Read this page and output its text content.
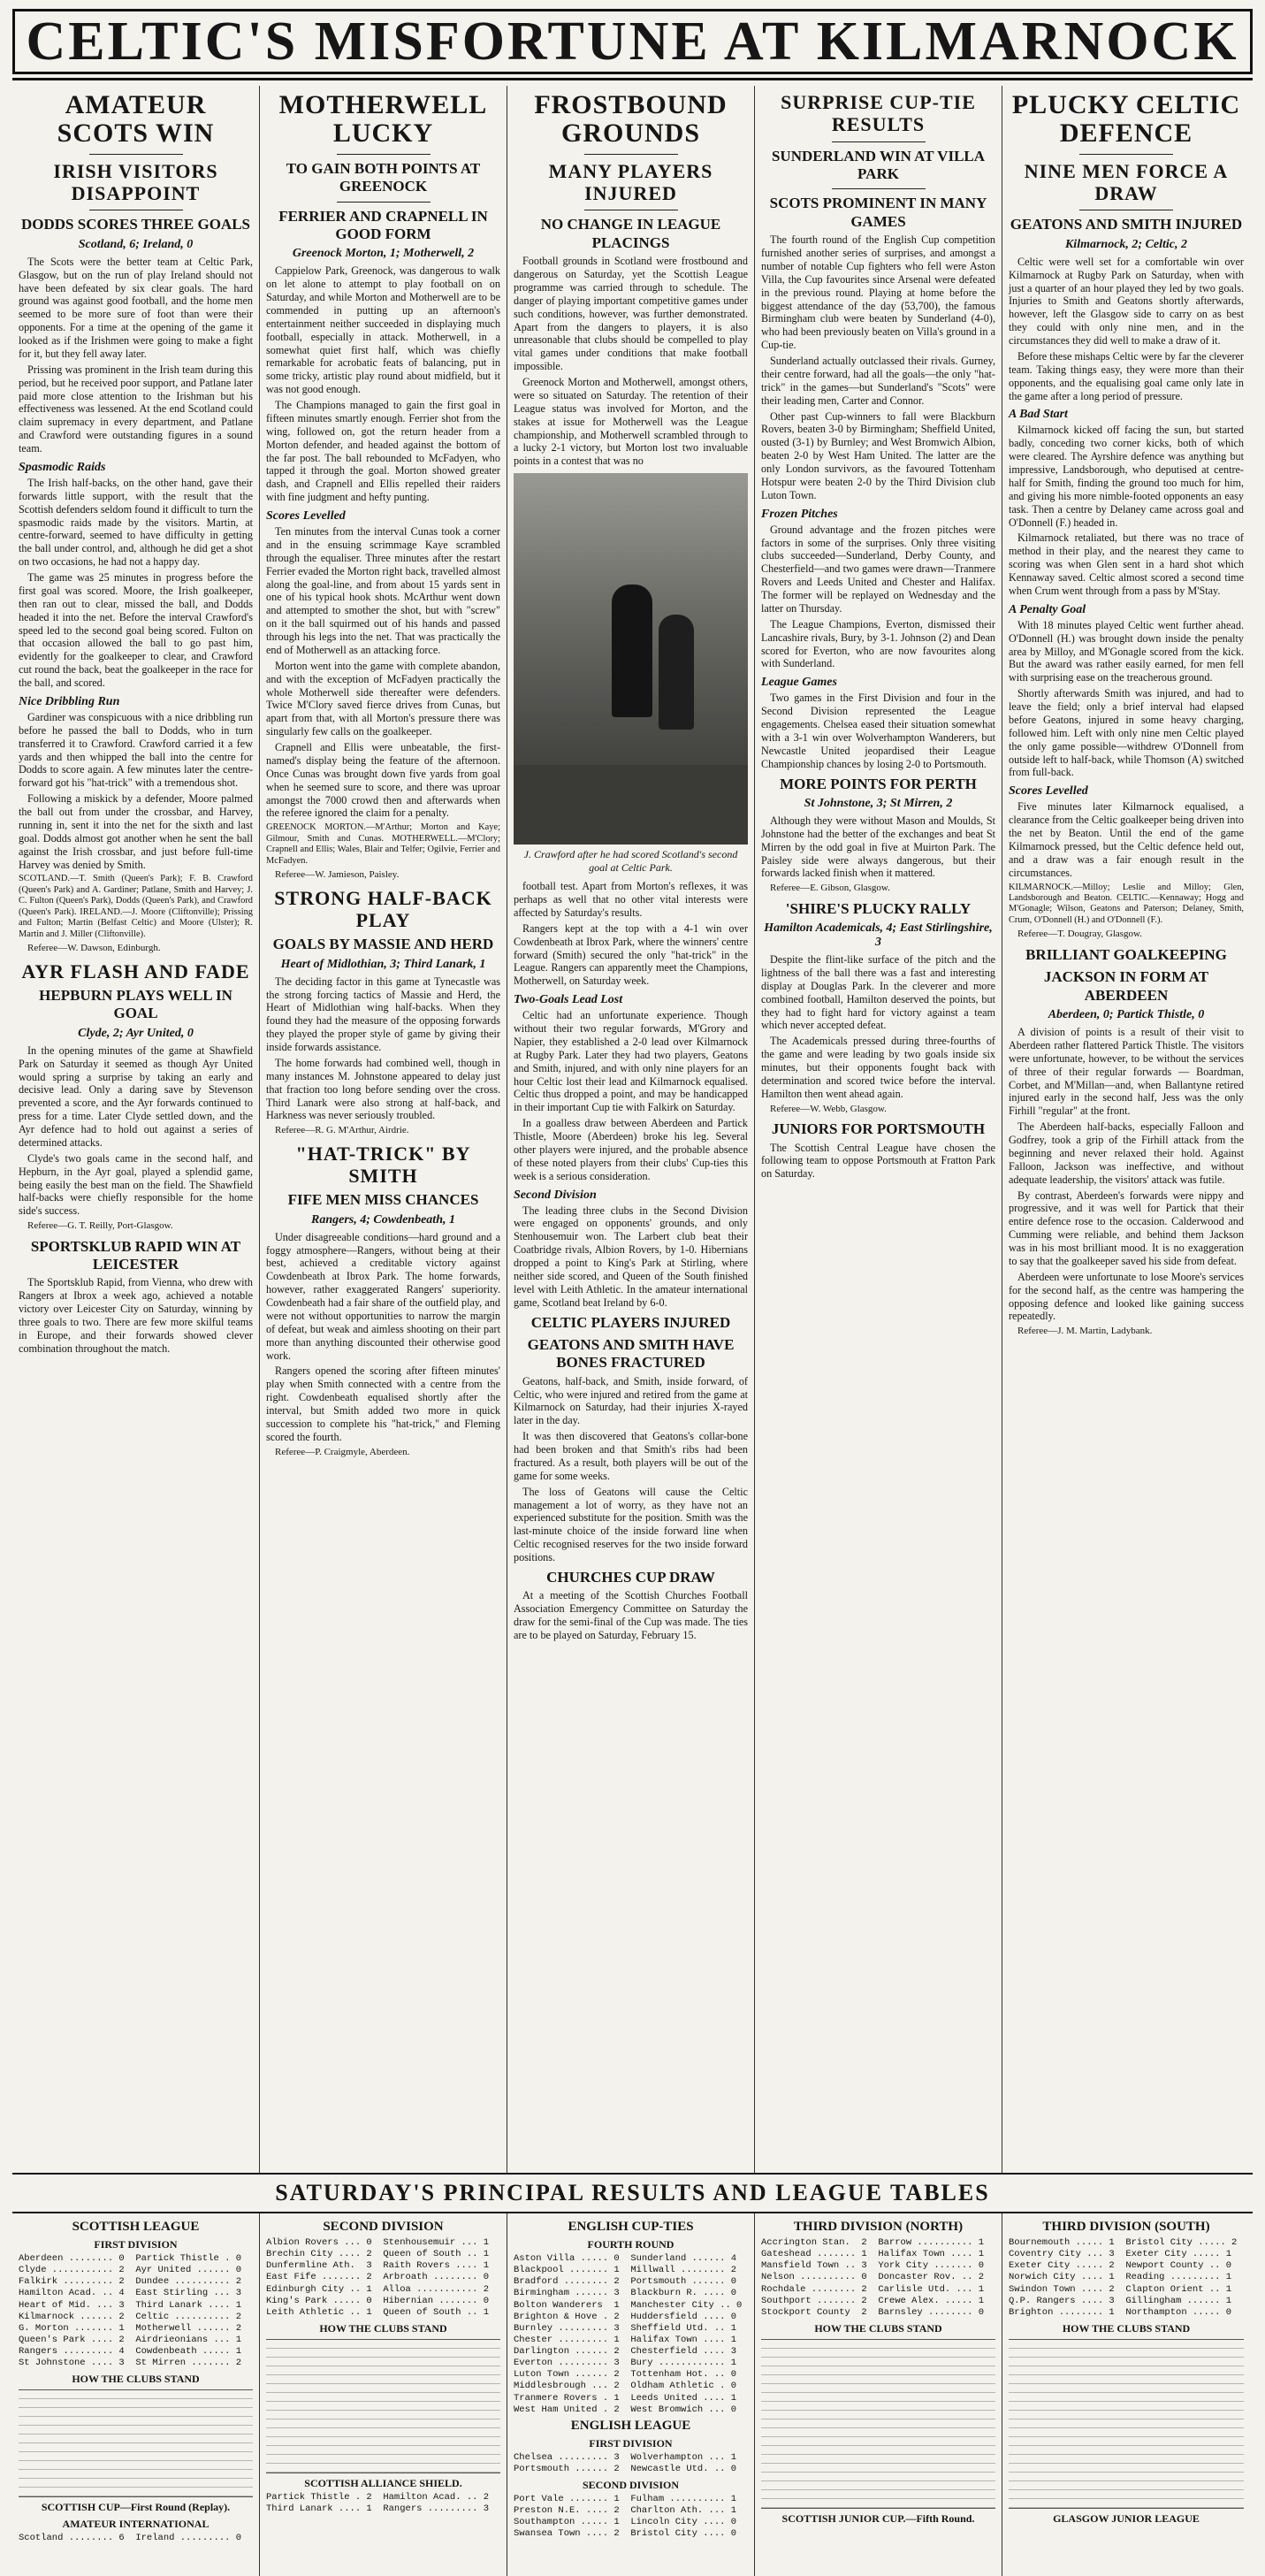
CELTIC'S MISFORTUNE AT KILMARNOCK
AMATEUR SCOTS WIN
IRISH VISITORS DISAPPOINT
DODDS SCORES THREE GOALS
Scotland, 6; Ireland, 0

The Scots were the better team at Celtic Park, Glasgow, but on the run of play Ireland should not have been defeated by six clear goals. The hard ground was against good football, and the home men seemed to be more sure of foot than were their opponents. For a time at the opening of the game it looked as if the Irishmen were going to make a fight for it, but they fell away later.

Prissing was prominent in the Irish team during this period, but he received poor support, and Patlane later paid more close attention to the Irishman but his effectiveness was lessened. At the end Scotland could claim supremacy in every department, and Patlane and Crawford were outstanding figures in a sound team.

Spasmodic Raids

The Irish half-backs, on the other hand, gave their forwards little support, with the result that the Scottish defenders seldom found it difficult to turn the spasmodic raids made by the visitors. Martin, at centre-forward, seemed to have difficulty in getting the ball under control, and, although he did get a shot on two occasions, he had not a happy day.

The game was 25 minutes in progress before the first goal was scored. Moore, the Irish goalkeeper, then ran out to clear, missed the ball, and Dodds headed it into the net. Before the interval Crawford's speed led to the second goal being scored. Fulton on that occasion allowed the ball to go past him, evidently for the goalkeeper to clear, and Crawford cut round the back, beat the goalkeeper in the race for the ball, and scored.

Nice Dribbling Run

Gardiner was conspicuous with a nice dribbling run before he passed the ball to Dodds, who in turn transferred it to Crawford. Crawford carried it a few yards and then whipped the ball into the centre for Dodds to score again. A few minutes later the centre-forward got his "hat-trick" with a tremendous shot.

Following a miskick by a defender, Moore palmed the ball out from under the crossbar, and Harvey, running in, sent it into the net for the sixth and last goal. Dodds almost got another when he sent the ball against the Irish crossbar, and just before full-time Harvey was denied by Smith.

SCOTLAND.—T. Smith (Queen's Park); F. B. Crawford (Queen's Park) and A. Gardiner; Patlane, Smith and Harvey; J. C. Fulton (Queen's Park), Dodds (Queen's Park), and Crawford (Queen's Park). IRELAND.—J. Moore (Cliftonville); Prissing and Fulton; Martin (Belfast Celtic) and Moore (Ulster); R. Martin and J. Miller (Cliftonville).

Referee—W. Dawson, Edinburgh.

AYR FLASH AND FADE
HEPBURN PLAYS WELL IN GOAL
Clyde, 2; Ayr United, 0

In the opening minutes of the game at Shawfield Park on Saturday it seemed as though Ayr United would spring a surprise by taking an early and decisive lead. Only a daring save by Stevenson prevented a score, and the Ayr forwards continued to press for a time. Later Clyde settled down, and the Ayr defence had to hold out against a series of determined attacks.

Clyde's two goals came in the second half, and Hepburn, in the Ayr goal, played a splendid game, being easily the best man on the field. The Shawfield half-backs were chiefly responsible for the home side's success.

Referee—G. T. Reilly, Port-Glasgow.

SPORTSKLUB RAPID WIN AT LEICESTER

The Sportsklub Rapid, from Vienna, who drew with Rangers at Ibrox a week ago, achieved a notable victory over Leicester City on Saturday, winning by three goals to two. There are few more skilful teams in Europe, and their forwards showed clever combination throughout the match.

MOTHERWELL LUCKY
TO GAIN BOTH POINTS AT GREENOCK
FERRIER AND CRAPNELL IN GOOD FORM
Greenock Morton, 1; Motherwell, 2

Cappielow Park, Greenock, was dangerous to walk on let alone to attempt to play football on on Saturday, and while Morton and Motherwell are to be commended in putting up an afternoon's entertainment neither succeeded in displaying much football, especially in attack. Motherwell, in a somewhat quiet first half, which was chiefly remarkable for acrobatic feats of balancing, put in some tricky, artistic play round about midfield, but it was not good enough.

The Champions managed to gain the first goal in fifteen minutes smartly enough. Ferrier shot from the wing, followed on, got the return header from a Morton defender, and headed against the bottom of the far post. The ball rebounded to McFadyen, who tapped it through the goal. Morton showed greater dash, and Crapnell and Ellis repelled their raiders with fine judgment and hefty punting.

Scores Levelled

Ten minutes from the interval Cunas took a corner and in the ensuing scrimmage Kaye scrambled through the equaliser. Three minutes after the restart Ferrier evaded the Morton right back, travelled almost along the goal-line, and from about 15 yards sent in one of his typical hook shots. McArthur went down and attempted to smother the shot, but with "screw" on it the ball squirmed out of his hands and passed through his legs into the net. That was practically the end of Motherwell as an attacking force.

Morton went into the game with complete abandon, and with the exception of McFadyen practically the whole Motherwell side thereafter were defenders. Twice M'Clory saved fierce drives from Cunas, but apart from that, with all Morton's pressure there was singularly few calls on the goalkeeper.

Crapnell and Ellis were unbeatable, the first-named's display being the feature of the afternoon. Once Cunas was brought down five yards from goal when he seemed sure to score, and there was uproar amongst the 7000 crowd then and afterwards when the referee ignored the claim for a penalty.

GREENOCK MORTON.—M'Arthur; Morton and Kaye; Gilmour, Smith and Cunas. MOTHERWELL.—M'Clory; Crapnell and Ellis; Wales, Blair and Telfer; Ogilvie, Ferrier and McFadyen.

Referee—W. Jamieson, Paisley.

STRONG HALF-BACK PLAY
GOALS BY MASSIE AND HERD
Heart of Midlothian, 3; Third Lanark, 1

The deciding factor in this game at Tynecastle was the strong forcing tactics of Massie and Herd, the Heart of Midlothian wing half-backs. When they found they had the measure of the opposing forwards they played the proper style of game by giving their inside forwards assistance.

The home forwards had combined well, though in many instances M. Johnstone appeared to delay just that fraction too long before sending over the cross. Third Lanark were also strong at half-back, and Harkness was never seriously troubled.

Referee—R. G. M'Arthur, Airdrie.

"HAT-TRICK" BY SMITH
FIFE MEN MISS CHANCES
Rangers, 4; Cowdenbeath, 1

Under disagreeable conditions—hard ground and a foggy atmosphere—Rangers, without being at their best, achieved a creditable victory against Cowdenbeath at Ibrox Park. The home forwards, however, rather exaggerated Rangers' superiority. Cowdenbeath had a fair share of the outfield play, and were not without opportunities to narrow the margin of defeat, but weak and aimless shooting on their part more than anything discounted their otherwise good work.

Rangers opened the scoring after fifteen minutes' play when Smith connected with a centre from the right. Cowdenbeath equalised shortly after the interval, but Smith added two more in quick succession to complete his "hat-trick," and Fleming scored the fourth.

Referee—P. Craigmyle, Aberdeen.

FROSTBOUND GROUNDS
MANY PLAYERS INJURED
NO CHANGE IN LEAGUE PLACINGS

Football grounds in Scotland were frostbound and dangerous on Saturday, yet the Scottish League programme was carried through to schedule. The danger of playing important competitive games under such conditions, however, was further demonstrated. Apart from the dangers to players, it is also unreasonable that clubs should be compelled to play vital games under conditions that make football impossible.

Greenock Morton and Motherwell, amongst others, were so situated on Saturday. The retention of their League status was involved for Morton, and the stakes at issue for Motherwell was the League championship, and Motherwell scrambled through to a lucky 2-1 victory, but Morton lost two invaluable points in a contest that was no

J. Crawford after he had scored Scotland's second goal at Celtic Park.

football test. Apart from Morton's reflexes, it was perhaps as well that no other vital interests were affected by Saturday's results.

Rangers kept at the top with a 4-1 win over Cowdenbeath at Ibrox Park, where the winners' centre forward (Smith) secured the only "hat-trick" in the League. Rangers can apparently meet the Champions, Motherwell, on Saturday week.

Two-Goals Lead Lost

Celtic had an unfortunate experience. Though without their two regular forwards, M'Grory and Napier, they established a 2-0 lead over Kilmarnock at Rugby Park. Later they had two players, Geatons and Smith, injured, and with only nine players for an hour Celtic lost their lead and Kilmarnock equalised. Celtic thus dropped a point, and may be handicapped in their important Cup tie with Falkirk on Saturday.

In a goalless draw between Aberdeen and Partick Thistle, Moore (Aberdeen) broke his leg. Several other players were injured, and the probable absence of these noted players from their clubs' Cup-ties this week is a serious consideration.

Second Division

The leading three clubs in the Second Division were engaged on opponents' grounds, and only Stenhousemuir won. The Larbert club beat their Coatbridge rivals, Albion Rovers, by 1-0. Hibernians dropped a point to King's Park at Stirling, where neither side scored, and Queen of the South finished level with Leith Athletic. In the amateur international game, Scotland beat Ireland by 6-0.

CELTIC PLAYERS INJURED
GEATONS AND SMITH HAVE BONES FRACTURED

Geatons, half-back, and Smith, inside forward, of Celtic, who were injured and retired from the game at Kilmarnock on Saturday, had their injuries X-rayed later in the day.

It was then discovered that Geatons's collar-bone had been broken and that Smith's ribs had been fractured. As a result, both players will be out of the game for some weeks.

The loss of Geatons will cause the Celtic management a lot of worry, as they have not an experienced substitute for the position. Smith was the last-minute choice of the inside forward line when Celtic recognised reserves for the two inside forward positions.

CHURCHES CUP DRAW

At a meeting of the Scottish Churches Football Association Emergency Committee on Saturday the draw for the semi-final of the Cup was made. The ties are to be played on Saturday, February 15.

SURPRISE CUP-TIE RESULTS
SUNDERLAND WIN AT VILLA PARK
SCOTS PROMINENT IN MANY GAMES

The fourth round of the English Cup competition furnished another series of surprises, and amongst a number of notable Cup fighters who fell were Aston Villa, the Cup favourites since Arsenal were defeated in the previous round. Playing at home before the biggest attendance of the day (53,700), the famous Birmingham club were beaten by Sunderland (4-0), who had been previously beaten on Villa's ground in a Cup-tie.

Sunderland actually outclassed their rivals. Gurney, their centre forward, had all the goals—the only "hat-trick" in the games—but Sunderland's "Scots" were their leading men, Carter and Connor.

Other past Cup-winners to fall were Blackburn Rovers, beaten 3-0 by Birmingham; Sheffield United, ousted (3-1) by Burnley; and West Bromwich Albion, beaten 2-0 by West Ham United. The latter are the only London survivors, as the favoured Tottenham Hotspur were beaten 2-0 by the Third Division club Luton Town.

Frozen Pitches

Ground advantage and the frozen pitches were factors in some of the surprises. Only three visiting clubs succeeded—Sunderland, Derby County, and Chesterfield—and two games were drawn—Tranmere Rovers and Leeds United and Chester and Halifax. The former will be replayed on Wednesday and the latter on Thursday.

The League Champions, Everton, dismissed their Lancashire rivals, Bury, by 3-1. Johnson (2) and Dean scored for Everton, who are now favourites along with Sunderland.

League Games

Two games in the First Division and four in the Second Division represented the League engagements. Chelsea eased their situation somewhat with a 3-1 win over Wolverhampton Wanderers, but Newcastle United jeopardised their League Championship chances by losing 2-0 to Portsmouth.

MORE POINTS FOR PERTH
St Johnstone, 3; St Mirren, 2

Although they were without Mason and Moulds, St Johnstone had the better of the exchanges and beat St Mirren by the odd goal in five at Muirton Park. The Paisley side were always dangerous, but their forwards lacked finish when it mattered.

Referee—E. Gibson, Glasgow.

'SHIRE'S PLUCKY RALLY
Hamilton Academicals, 4; East Stirlingshire, 3

Despite the flint-like surface of the pitch and the lightness of the ball there was a fast and interesting display at Douglas Park. In the cleverer and more combined football, Hamilton deserved the points, but they had to fight hard for victory against a team which never accepted defeat.

The Academicals pressed during three-fourths of the game and were leading by two goals inside six minutes, but their opponents fought back with determination and scored twice before the interval. Hamilton then went ahead again.

Referee—W. Webb, Glasgow.

JUNIORS FOR PORTSMOUTH

The Scottish Central League have chosen the following team to oppose Portsmouth at Fratton Park on Saturday.

PLUCKY CELTIC DEFENCE
NINE MEN FORCE A DRAW
GEATONS AND SMITH INJURED
Kilmarnock, 2; Celtic, 2

Celtic were well set for a comfortable win over Kilmarnock at Rugby Park on Saturday, when with just a quarter of an hour played they led by two goals. Injuries to Smith and Geatons shortly afterwards, however, left the Glasgow side to carry on as best they could with only nine men, and in the circumstances they did well to make a draw of it.

Before these mishaps Celtic were by far the cleverer team. Taking things easy, they were more than their opponents, and the equalising goal came only late in the game after a long period of pressure.

A Bad Start

Kilmarnock kicked off facing the sun, but started badly, conceding two corner kicks, both of which were cleared. The Ayrshire defence was anything but impressive, Landsborough, who deputised at centre-half for Smith, finding the ground too much for him, and giving his more nimble-footed opponents an easy task. Then a centre by Delaney came across goal and O'Donnell (F.) headed in.

Kilmarnock retaliated, but there was no trace of method in their play, and the nearest they came to scoring was when Glen sent in a hard shot which Kennaway saved. Celtic almost scored a second time when Crum went through from a pass by M'Stay.

A Penalty Goal

With 18 minutes played Celtic went further ahead. O'Donnell (H.) was brought down inside the penalty area by Milloy, and M'Gonagle scored from the kick. But the award was rather easily earned, for men fell with surprising ease on the treacherous ground.

Shortly afterwards Smith was injured, and had to leave the field; only a brief interval had elapsed before Geatons, injured in some heavy charging, followed him. Left with only nine men Celtic played the only game possible—withdrew O'Donnell from outside left to half-back, while Thomson (A) switched from full-back.

Scores Levelled

Five minutes later Kilmarnock equalised, a clearance from the Celtic goalkeeper being driven into the net by Beaton. Until the end of the game Kilmarnock pressed, but the Celtic defence held out, and a draw was a fair enough result in the circumstances.

KILMARNOCK.—Milloy; Leslie and Milloy; Glen, Landsborough and Beaton. CELTIC.—Kennaway; Hogg and M'Gonagle; Wilson, Geatons and Paterson; Delaney, Smith, Crum, O'Donnell (H.) and O'Donnell (F.).

Referee—T. Dougray, Glasgow.

BRILLIANT GOALKEEPING
JACKSON IN FORM AT ABERDEEN
Aberdeen, 0; Partick Thistle, 0

A division of points is a result of their visit to Aberdeen rather flattered Partick Thistle. The visitors were unfortunate, however, to be without the services of three of their regular forwards — Boardman, Corbet, and M'Millan—and, when Ballantyne retired injured early in the second half, Jess was the only Firhill "regular" at the front.

The Aberdeen half-backs, especially Falloon and Godfrey, took a grip of the Firhill attack from the beginning and never relaxed their hold. Against Falloon, Jackson was ineffective, and without adequate leadership, the visitors' attack was futile.

By contrast, Aberdeen's forwards were nippy and progressive, and it was well for Partick that their entire defence rose to the occasion. Calderwood and Cumming were reliable, and behind them Jackson was in his most brilliant mood. It is no exaggeration to say that the goalkeeper saved his side from defeat.

Aberdeen were unfortunate to lose Moore's services for the second half, as the centre was hampering the opposing defence and looked like gaining success repeatedly.

Referee—J. M. Martin, Ladybank.

SATURDAY'S PRINCIPAL RESULTS AND LEAGUE TABLES
SCOTTISH LEAGUE
FIRST DIVISION
Aberdeen ........ 0  Partick Thistle . 0
Clyde ........... 2  Ayr United ...... 0
Falkirk ......... 2  Dundee .......... 2
Hamilton Acad. .. 4  East Stirling ... 3
Heart of Mid. ... 3  Third Lanark .... 1
Kilmarnock ...... 2  Celtic .......... 2
G. Morton ....... 1  Motherwell ...... 2
Queen's Park .... 2  Airdrieonians ... 1
Rangers ......... 4  Cowdenbeath ..... 1
St Johnstone .... 3  St Mirren ....... 2
HOW THE CLUBS STAND
SCOTTISH CUP—First Round (Replay).
AMATEUR INTERNATIONAL
Scotland ........ 6  Ireland ......... 0
SECOND DIVISION
Albion Rovers ... 0  Stenhousemuir ... 1
Brechin City .... 2  Queen of South .. 1
Dunfermline Ath.  3  Raith Rovers .... 1
East Fife ....... 2  Arbroath ........ 0
Edinburgh City .. 1  Alloa ........... 2
King's Park ..... 0  Hibernian ....... 0
Leith Athletic .. 1  Queen of South .. 1
HOW THE CLUBS STAND
SCOTTISH ALLIANCE SHIELD.
Partick Thistle . 2  Hamilton Acad. .. 2
Third Lanark .... 1  Rangers ......... 3
ENGLISH CUP-TIES
FOURTH ROUND
Aston Villa ..... 0  Sunderland ...... 4
Blackpool ....... 1  Millwall ........ 2
Bradford ........ 2  Portsmouth ...... 0
Birmingham ...... 3  Blackburn R. .... 0
Bolton Wanderers  1  Manchester City .. 0
Brighton & Hove . 2  Huddersfield .... 0
Burnley ......... 3  Sheffield Utd. .. 1
Chester ......... 1  Halifax Town .... 1
Darlington ...... 2  Chesterfield .... 3
Everton ......... 3  Bury ............ 1
Luton Town ...... 2  Tottenham Hot. .. 0
Middlesbrough ... 2  Oldham Athletic . 0
Tranmere Rovers . 1  Leeds United .... 1
West Ham United . 2  West Bromwich ... 0
ENGLISH LEAGUE
FIRST DIVISION
Chelsea ......... 3  Wolverhampton ... 1
Portsmouth ...... 2  Newcastle Utd. .. 0
SECOND DIVISION
Port Vale ....... 1  Fulham .......... 1
Preston N.E. .... 2  Charlton Ath. ... 1
Southampton ..... 1  Lincoln City .... 0
Swansea Town .... 2  Bristol City .... 0
THIRD DIVISION (NORTH)
Accrington Stan.  2  Barrow .......... 1
Gateshead ....... 1  Halifax Town .... 1
Mansfield Town .. 3  York City ....... 0
Nelson .......... 0  Doncaster Rov. .. 2
Rochdale ........ 2  Carlisle Utd. ... 1
Southport ....... 2  Crewe Alex. ..... 1
Stockport County  2  Barnsley ........ 0
HOW THE CLUBS STAND
SCOTTISH JUNIOR CUP.—Fifth Round.
THIRD DIVISION (SOUTH)
Bournemouth ..... 1  Bristol City ..... 2
Coventry City ... 3  Exeter City ..... 1
Exeter City ..... 2  Newport County .. 0
Norwich City .... 1  Reading ......... 1
Swindon Town .... 2  Clapton Orient .. 1
Q.P. Rangers .... 3  Gillingham ...... 1
Brighton ........ 1  Northampton ..... 0
HOW THE CLUBS STAND
GLASGOW JUNIOR LEAGUE
